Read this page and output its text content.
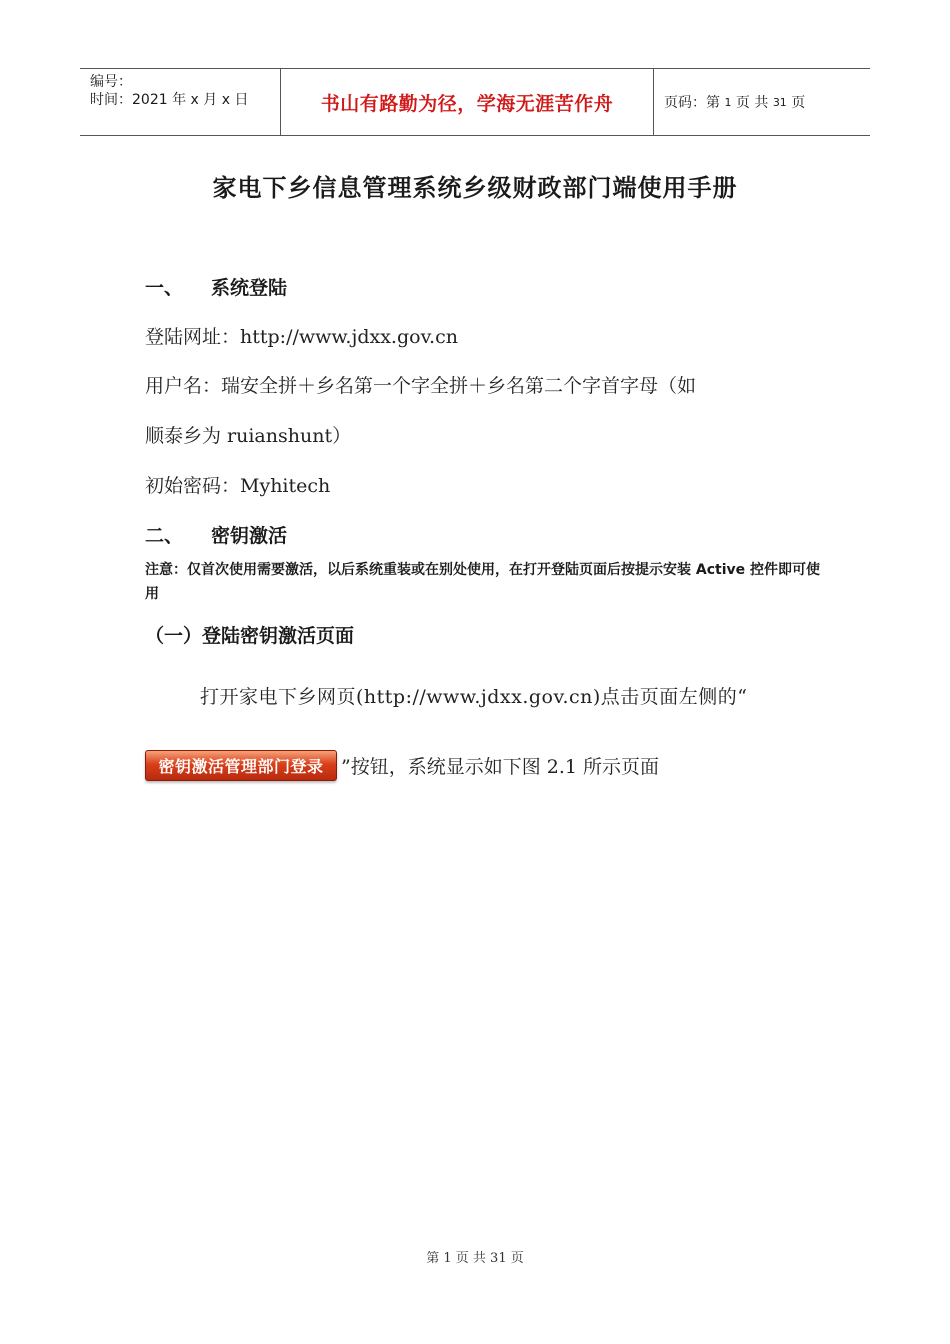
编号：
时间：2021 年 x 月 x 日	书山有路勤为径，学海无涯苦作舟	页码：第
1
页 共
31
页
家电下乡信息管理系统乡级财政部门端使用手册
一、 系统登陆
登陆网址：http://www.jdxx.gov.cn
用户名：瑞安全拼＋乡名第一个字全拼＋乡名第二个字首字母（如
顺泰乡为 ruianshunt）
初始密码：Myhitech
二、 密钥激活
注意：仅首次使用需要激活，以后系统重装或在别处使用，在打开登陆页面后按提示安装 Active 控件即可使用
（一）登陆密钥激活页面
打开家电下乡网页(http://www.jdxx.gov.cn)点击页面左侧的“
密钥激活管理部门登录 ”按钮，系统显示如下图 2.1 所示页面
第 1 页 共 31 页
